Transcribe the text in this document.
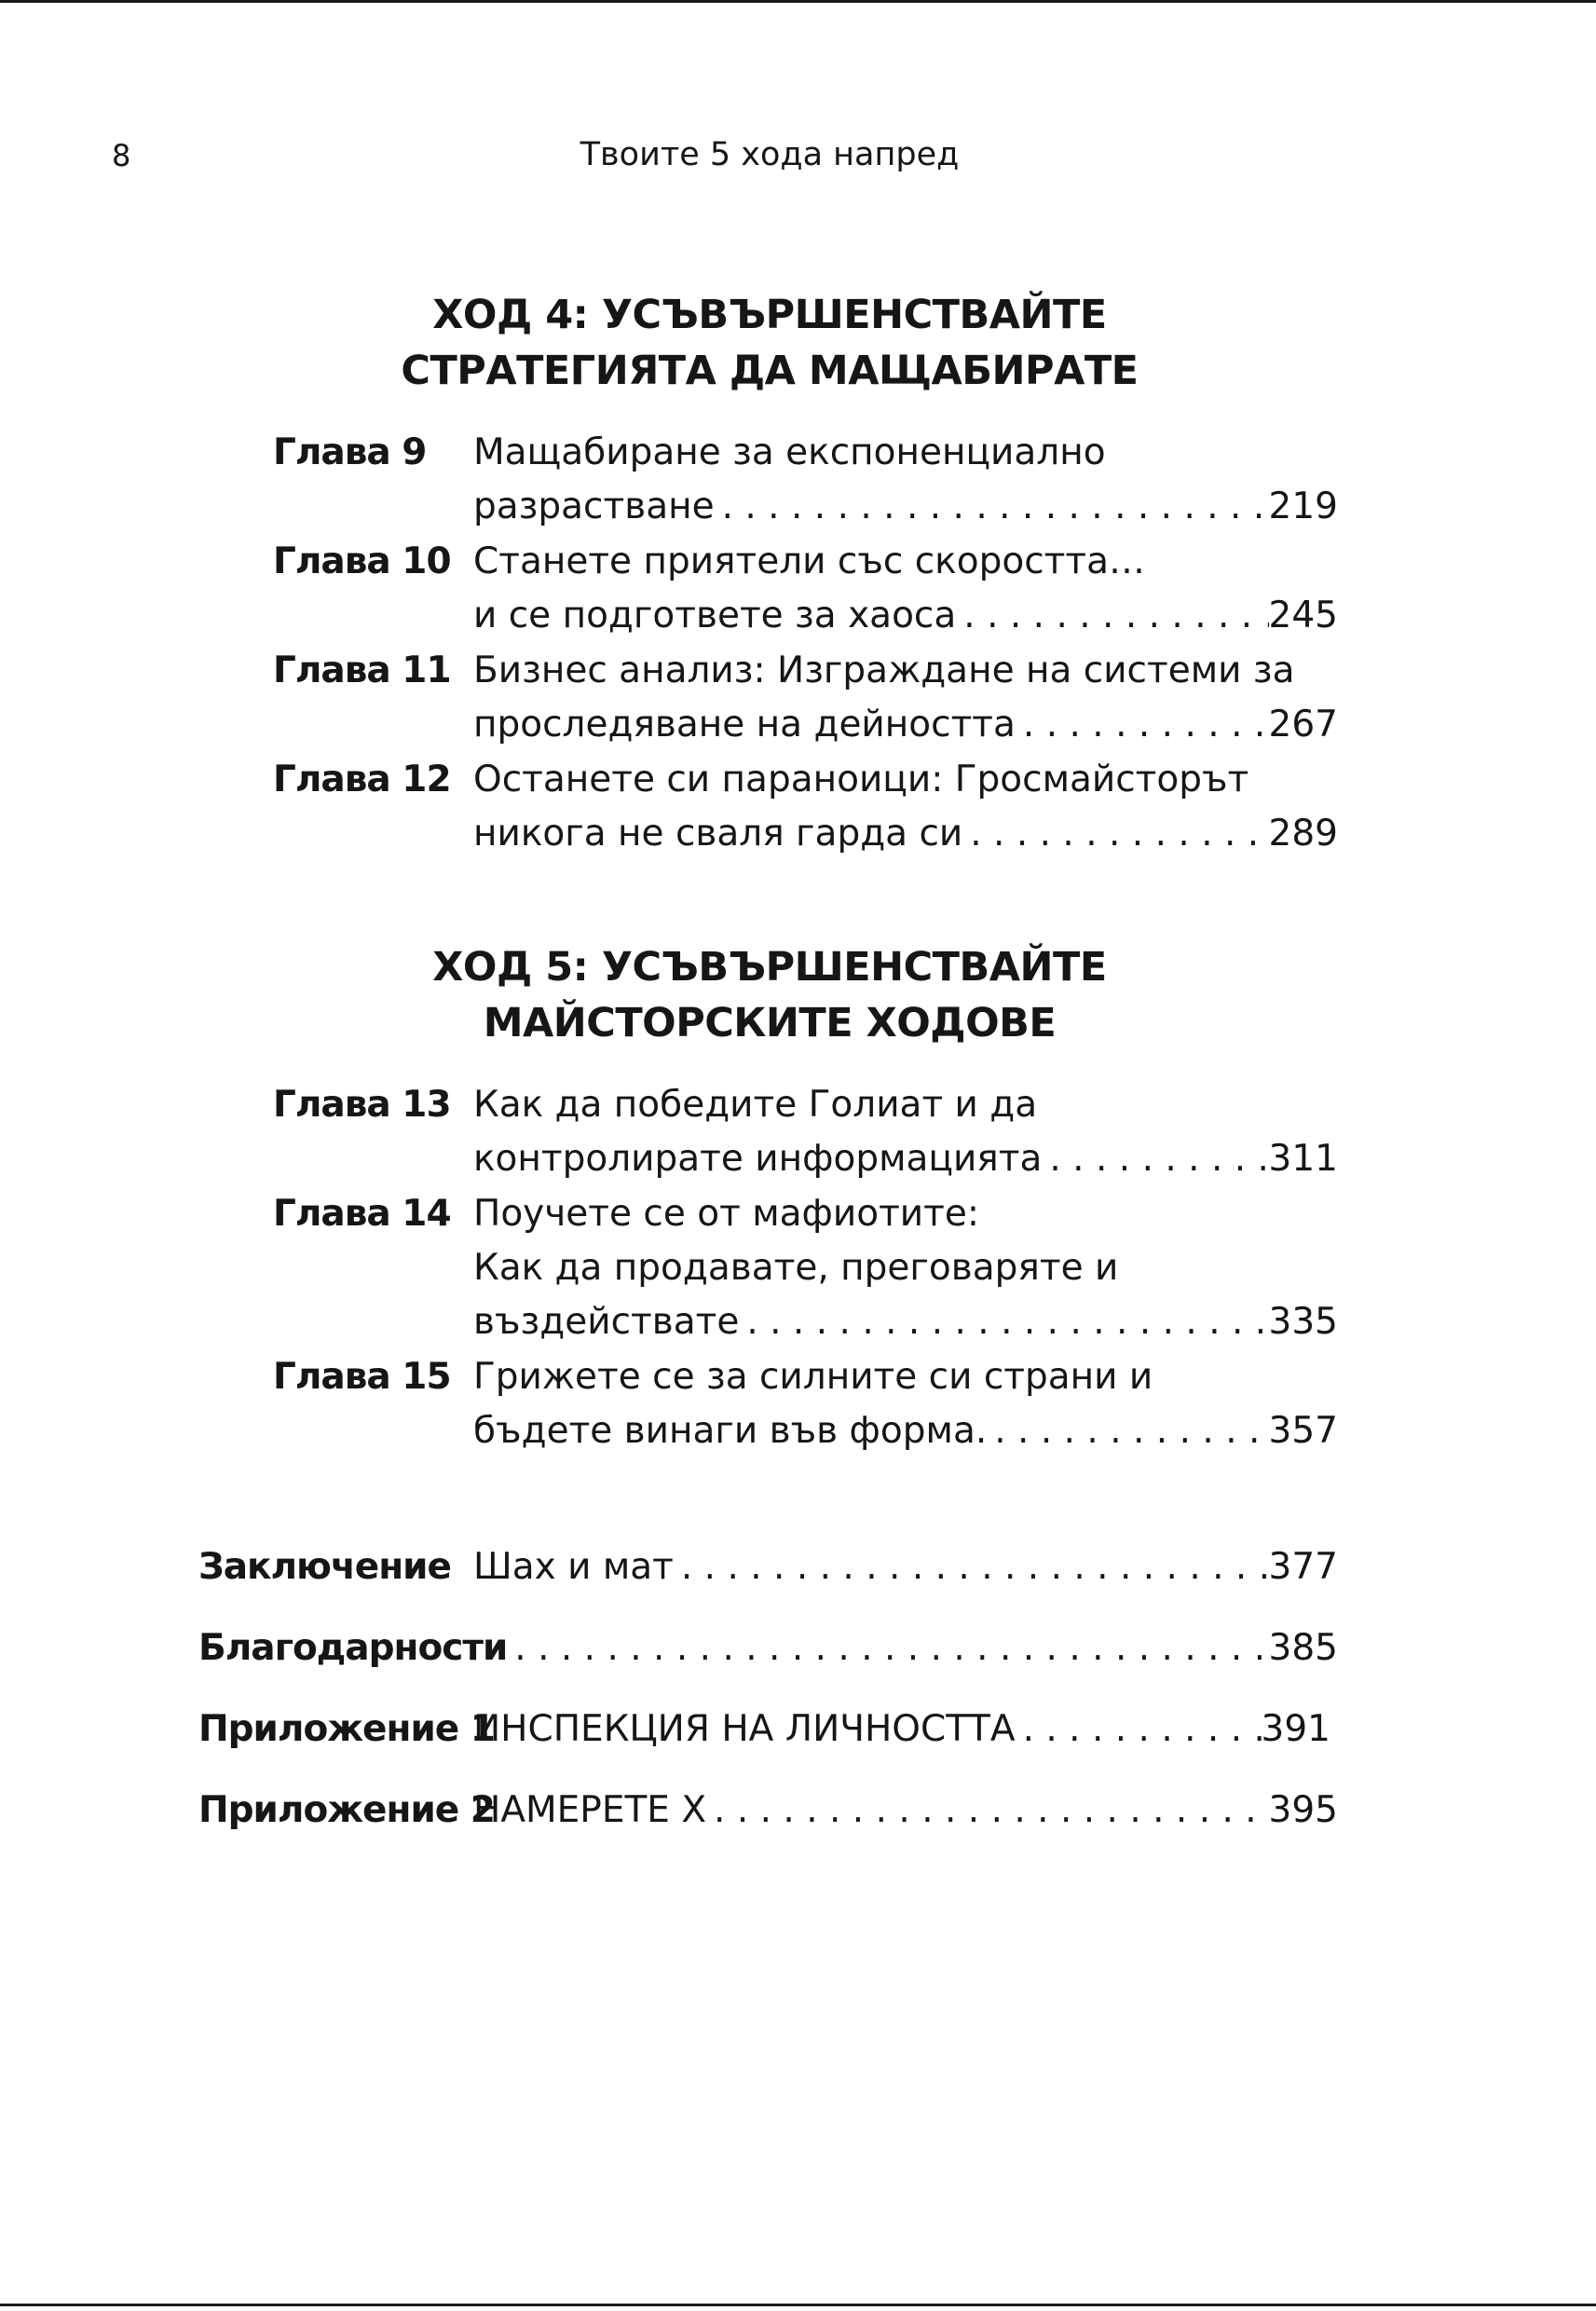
8	Твоите 5 хода напред
ХОД 4: УСЪВЪРШЕНСТВАЙТЕ
СТРАТЕГИЯТА ДА МАЩАБИРАТЕ
Глава 9 Мащабиране за експоненциално
разрастване . . .	219
Глава 10 Станете приятели със скоростта…
и се подгответе за хаоса . . .	245
Глава 11 Бизнес анализ: Изграждане на системи за
проследяване на дейността . . .	267
Глава 12 Останете си параноици: Гросмайсторът
никога не сваля гарда си . . .	289
ХОД 5: УСЪВЪРШЕНСТВАЙТЕ
МАЙСТОРСКИТЕ ХОДОВЕ
Глава 13 Как да победите Голиат и да
контролирате информацията . . .	311
Глава 14 Поучете се от мафиотите:
Как да продавате, преговаряте и
въздействате . . .	335
Глава 15 Грижете се за силните си страни и
бъдете винаги във форма. . . .	357
Заключение Шах и мат . . .	377
Благодарности . . .	385
Приложение 1
ИНСПЕКЦИЯ НА ЛИЧНОСТТА . . .	391
Приложение 2
НАМЕРЕТЕ Х . . .	395
